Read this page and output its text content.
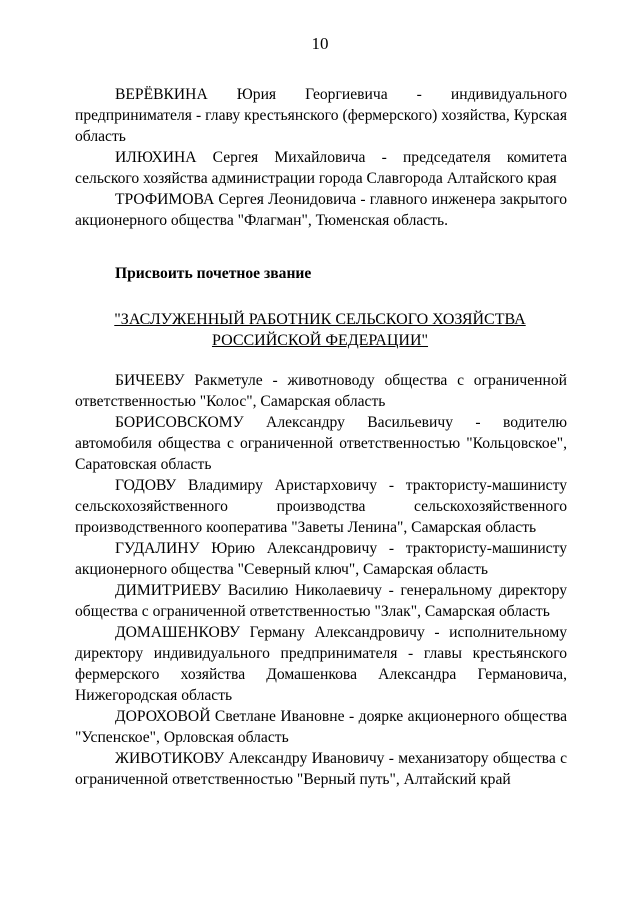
10

ВЕРЁВКИНА Юрия Георгиевича - индивидуального предпринимателя - главу крестьянского (фермерского) хозяйства, Курская область

ИЛЮХИНА Сергея Михайловича - председателя комитета сельского хозяйства администрации города Славгорода Алтайского края

ТРОФИМОВА Сергея Леонидовича - главного инженера закрытого акционерного общества "Флагман", Тюменская область.

Присвоить почетное звание
"ЗАСЛУЖЕННЫЙ РАБОТНИК СЕЛЬСКОГО ХОЗЯЙСТВА
РОССИЙСКОЙ ФЕДЕРАЦИИ"

БИЧЕЕВУ Ракметуле - животноводу общества с ограниченной ответственностью "Колос", Самарская область

БОРИСОВСКОМУ Александру Васильевичу - водителю автомобиля общества с ограниченной ответственностью "Кольцовское", Саратовская область

ГОДОВУ Владимиру Аристарховичу - трактористу-машинисту сельскохозяйственного производства сельскохозяйственного производственного кооператива "Заветы Ленина", Самарская область

ГУДАЛИНУ Юрию Александровичу - трактористу-машинисту акционерного общества "Северный ключ", Самарская область

ДИМИТРИЕВУ Василию Николаевичу - генеральному директору общества с ограниченной ответственностью "Злак", Самарская область

ДОМАШЕНКОВУ Герману Александровичу - исполнительному директору индивидуального предпринимателя - главы крестьянского фермерского хозяйства Домашенкова Александра Германовича, Нижегородская область

ДОРОХОВОЙ Светлане Ивановне - доярке акционерного общества "Успенское", Орловская область

ЖИВОТИКОВУ Александру Ивановичу - механизатору общества с ограниченной ответственностью "Верный путь", Алтайский край
